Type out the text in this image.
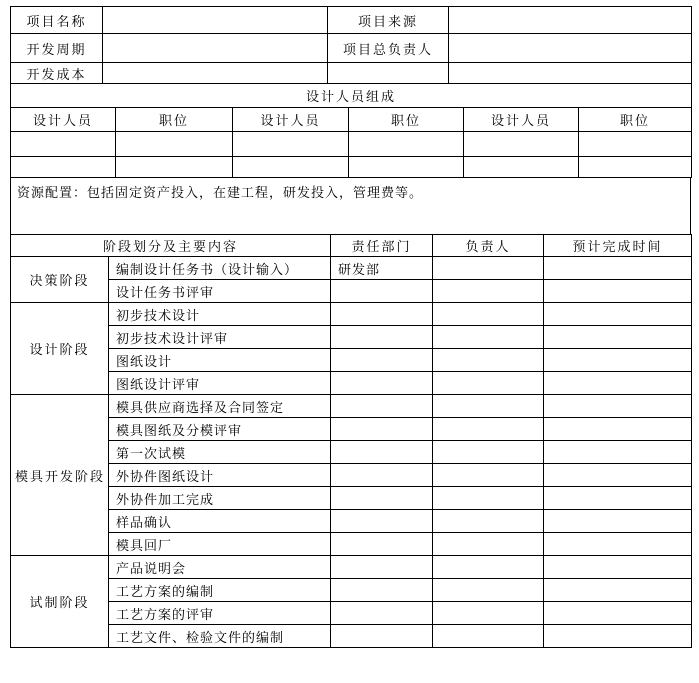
项目名称		项目来源	
开发周期		项目总负责人	
开发成本			
设计人员组成					
设计人员	职位	设计人员	职位	设计人员	职位

资源配置：包括固定资产投入，在建工程，研发投入，管理费等。
阶段划分及主要内容		责任部门	负责人	预计完成时间
决策阶段	编制设计任务书（设计输入）	研发部		
	设计任务书评审			
设计阶段	初步技术设计			
	初步技术设计评审			
	图纸设计			
	图纸设计评审			
模具开发阶段	模具供应商选择及合同签定			
	模具图纸及分模评审			
	第一次试模			
	外协件图纸设计			
	外协件加工完成			
	样品确认			
	模具回厂			
试制阶段	产品说明会			
	工艺方案的编制			
	工艺方案的评审			
	工艺文件、检验文件的编制			
